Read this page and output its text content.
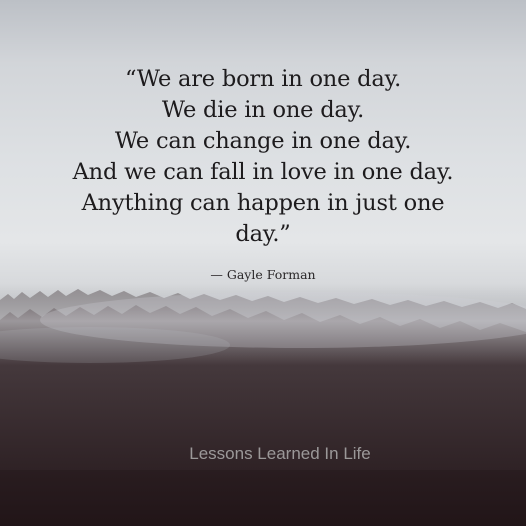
“We are born in one day.
We die in one day.
We can change in one day.
And we can fall in love in one day.
Anything can happen in just one
day.”

— Gayle Forman
Lessons Learned In Life
